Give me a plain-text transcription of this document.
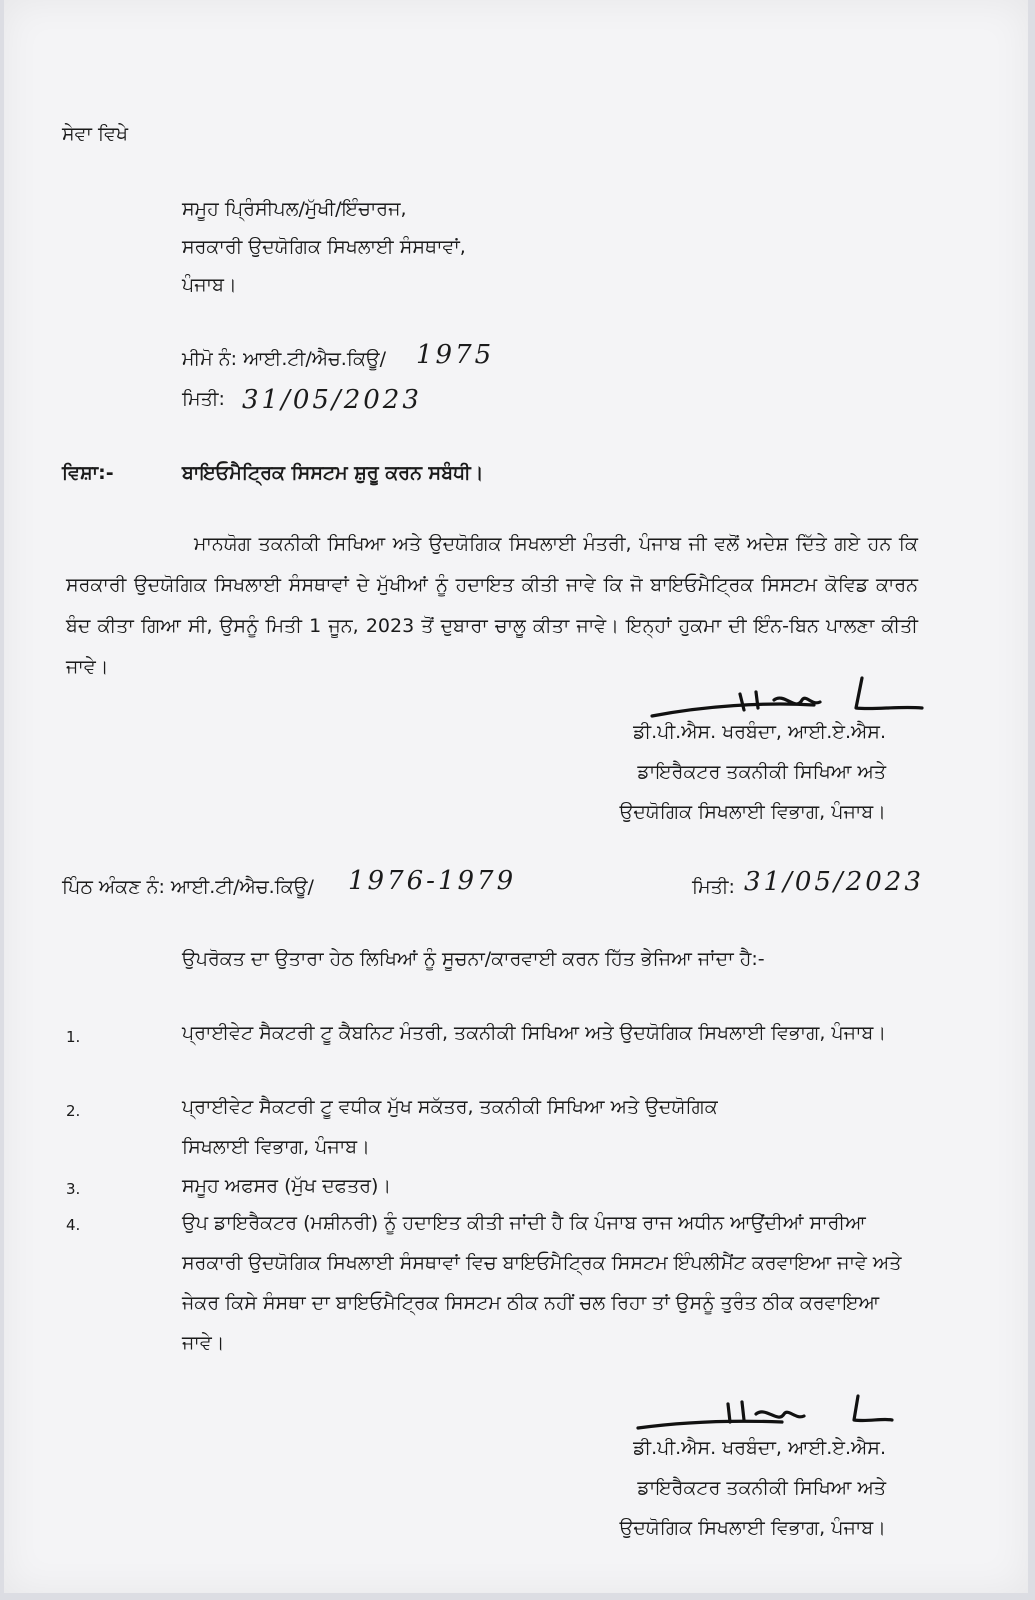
ਸੇਵਾ ਵਿਖੇ
ਸਮੂਹ ਪ੍ਰਿੰਸੀਪਲ/ਮੁੱਖੀ/ਇੰਚਾਰਜ,
ਸਰਕਾਰੀ ਉਦਯੋਗਿਕ ਸਿਖਲਾਈ ਸੰਸਥਾਵਾਂ,
ਪੰਜਾਬ।
ਮੀਮੋ ਨੰ: ਆਈ.ਟੀ/ਐਚ.ਕਿਊ/ 1975
ਮਿਤੀ: 31/05/2023
ਵਿਸ਼ਾ:-	ਬਾਇਓਮੈਟ੍ਰਿਕ ਸਿਸਟਮ ਸ਼ੁਰੂ ਕਰਨ ਸਬੰਧੀ।
ਮਾਨਯੋਗ ਤਕਨੀਕੀ ਸਿਖਿਆ ਅਤੇ ਉਦਯੋਗਿਕ ਸਿਖਲਾਈ ਮੰਤਰੀ, ਪੰਜਾਬ ਜੀ ਵਲੋਂ ਅਦੇਸ਼ ਦਿੱਤੇ ਗਏ ਹਨ ਕਿ ਸਰਕਾਰੀ ਉਦਯੋਗਿਕ ਸਿਖਲਾਈ ਸੰਸਥਾਵਾਂ ਦੇ ਮੁੱਖੀਆਂ ਨੂੰ ਹਦਾਇਤ ਕੀਤੀ ਜਾਵੇ ਕਿ ਜੋ ਬਾਇਓਮੈਟ੍ਰਿਕ ਸਿਸਟਮ ਕੋਵਿਡ ਕਾਰਨ ਬੰਦ ਕੀਤਾ ਗਿਆ ਸੀ, ਉਸਨੂੰ ਮਿਤੀ 1 ਜੂਨ, 2023 ਤੋਂ ਦੁਬਾਰਾ ਚਾਲੂ ਕੀਤਾ ਜਾਵੇ। ਇਨ੍ਹਾਂ ਹੁਕਮਾ ਦੀ ਇੰਨ-ਬਿਨ ਪਾਲਣਾ ਕੀਤੀ ਜਾਵੇ।
ਡੀ.ਪੀ.ਐਸ. ਖਰਬੰਦਾ, ਆਈ.ਏ.ਐਸ.
ਡਾਇਰੈਕਟਰ ਤਕਨੀਕੀ ਸਿਖਿਆ ਅਤੇ
ਉਦਯੋਗਿਕ ਸਿਖਲਾਈ ਵਿਭਾਗ, ਪੰਜਾਬ।
ਪਿੰਠ ਅੰਕਣ ਨੰ: ਆਈ.ਟੀ/ਐਚ.ਕਿਊ/ 1976-1979	ਮਿਤੀ: 31/05/2023
ਉਪਰੋਕਤ ਦਾ ਉਤਾਰਾ ਹੇਠ ਲਿਖਿਆਂ ਨੂੰ ਸੂਚਨਾ/ਕਾਰਵਾਈ ਕਰਨ ਹਿੱਤ ਭੇਜਿਆ ਜਾਂਦਾ ਹੈ:-
1.	ਪ੍ਰਾਈਵੇਟ ਸੈਕਟਰੀ ਟੂ ਕੈਬਨਿਟ ਮੰਤਰੀ, ਤਕਨੀਕੀ ਸਿਖਿਆ ਅਤੇ ਉਦਯੋਗਿਕ ਸਿਖਲਾਈ ਵਿਭਾਗ, ਪੰਜਾਬ।
2.	ਪ੍ਰਾਈਵੇਟ ਸੈਕਟਰੀ ਟੂ ਵਧੀਕ ਮੁੱਖ ਸਕੱਤਰ, ਤਕਨੀਕੀ ਸਿਖਿਆ ਅਤੇ ਉਦਯੋਗਿਕ ਸਿਖਲਾਈ ਵਿਭਾਗ, ਪੰਜਾਬ।
3.	ਸਮੂਹ ਅਫਸਰ (ਮੁੱਖ ਦਫਤਰ)।
4.	ਉਪ ਡਾਇਰੈਕਟਰ (ਮਸ਼ੀਨਰੀ) ਨੂੰ ਹਦਾਇਤ ਕੀਤੀ ਜਾਂਦੀ ਹੈ ਕਿ ਪੰਜਾਬ ਰਾਜ ਅਧੀਨ ਆਉਂਦੀਆਂ ਸਾਰੀਆ ਸਰਕਾਰੀ ਉਦਯੋਗਿਕ ਸਿਖਲਾਈ ਸੰਸਥਾਵਾਂ ਵਿਚ ਬਾਇਓਮੈਟ੍ਰਿਕ ਸਿਸਟਮ ਇੰਪਲੀਮੈਂਟ ਕਰਵਾਇਆ ਜਾਵੇ ਅਤੇ ਜੇਕਰ ਕਿਸੇ ਸੰਸਥਾ ਦਾ ਬਾਇਓਮੈਟ੍ਰਿਕ ਸਿਸਟਮ ਠੀਕ ਨਹੀਂ ਚਲ ਰਿਹਾ ਤਾਂ ਉਸਨੂੰ ਤੁਰੰਤ ਠੀਕ ਕਰਵਾਇਆ ਜਾਵੇ।
ਡੀ.ਪੀ.ਐਸ. ਖਰਬੰਦਾ, ਆਈ.ਏ.ਐਸ.
ਡਾਇਰੈਕਟਰ ਤਕਨੀਕੀ ਸਿਖਿਆ ਅਤੇ
ਉਦਯੋਗਿਕ ਸਿਖਲਾਈ ਵਿਭਾਗ, ਪੰਜਾਬ।
